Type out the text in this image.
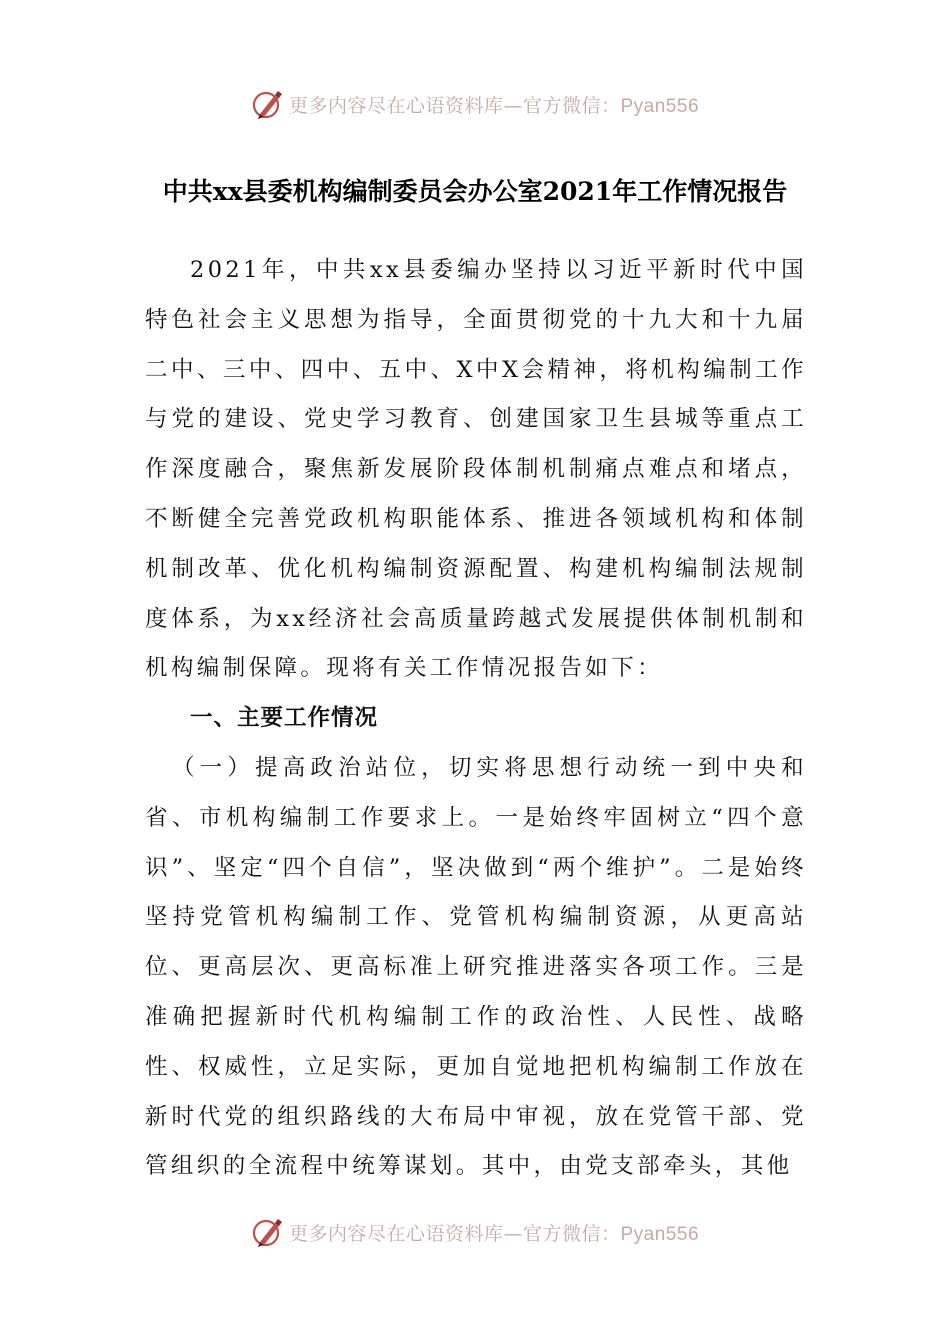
更多内容尽在心语资料库—官方微信：Pyan556
中共xx县委机构编制委员会办公室2021年工作情况报告

2021年，中共xx县委编办坚持以习近平新时代中国特色社会主义思想为指导，全面贯彻党的十九大和十九届二中、三中、四中、五中、X中X会精神，将机构编制工作与党的建设、党史学习教育、创建国家卫生县城等重点工作深度融合，聚焦新发展阶段体制机制痛点难点和堵点，不断健全完善党政机构职能体系、推进各领域机构和体制机制改革、优化机构编制资源配置、构建机构编制法规制度体系，为xx经济社会高质量跨越式发展提供体制机制和机构编制保障。现将有关工作情况报告如下：

一、主要工作情况

（一）提高政治站位，切实将思想行动统一到中央和省、市机构编制工作要求上。一是始终牢固树立“四个意识”、坚定“四个自信”，坚决做到“两个维护”。二是始终坚持党管机构编制工作、党管机构编制资源，从更高站位、更高层次、更高标准上研究推进落实各项工作。三是准确把握新时代机构编制工作的政治性、人民性、战略性、权威性，立足实际，更加自觉地把机构编制工作放在新时代党的组织路线的大布局中审视，放在党管干部、党管组织的全流程中统筹谋划。其中，由党支部牵头，其他

更多内容尽在心语资料库—官方微信：Pyan556
